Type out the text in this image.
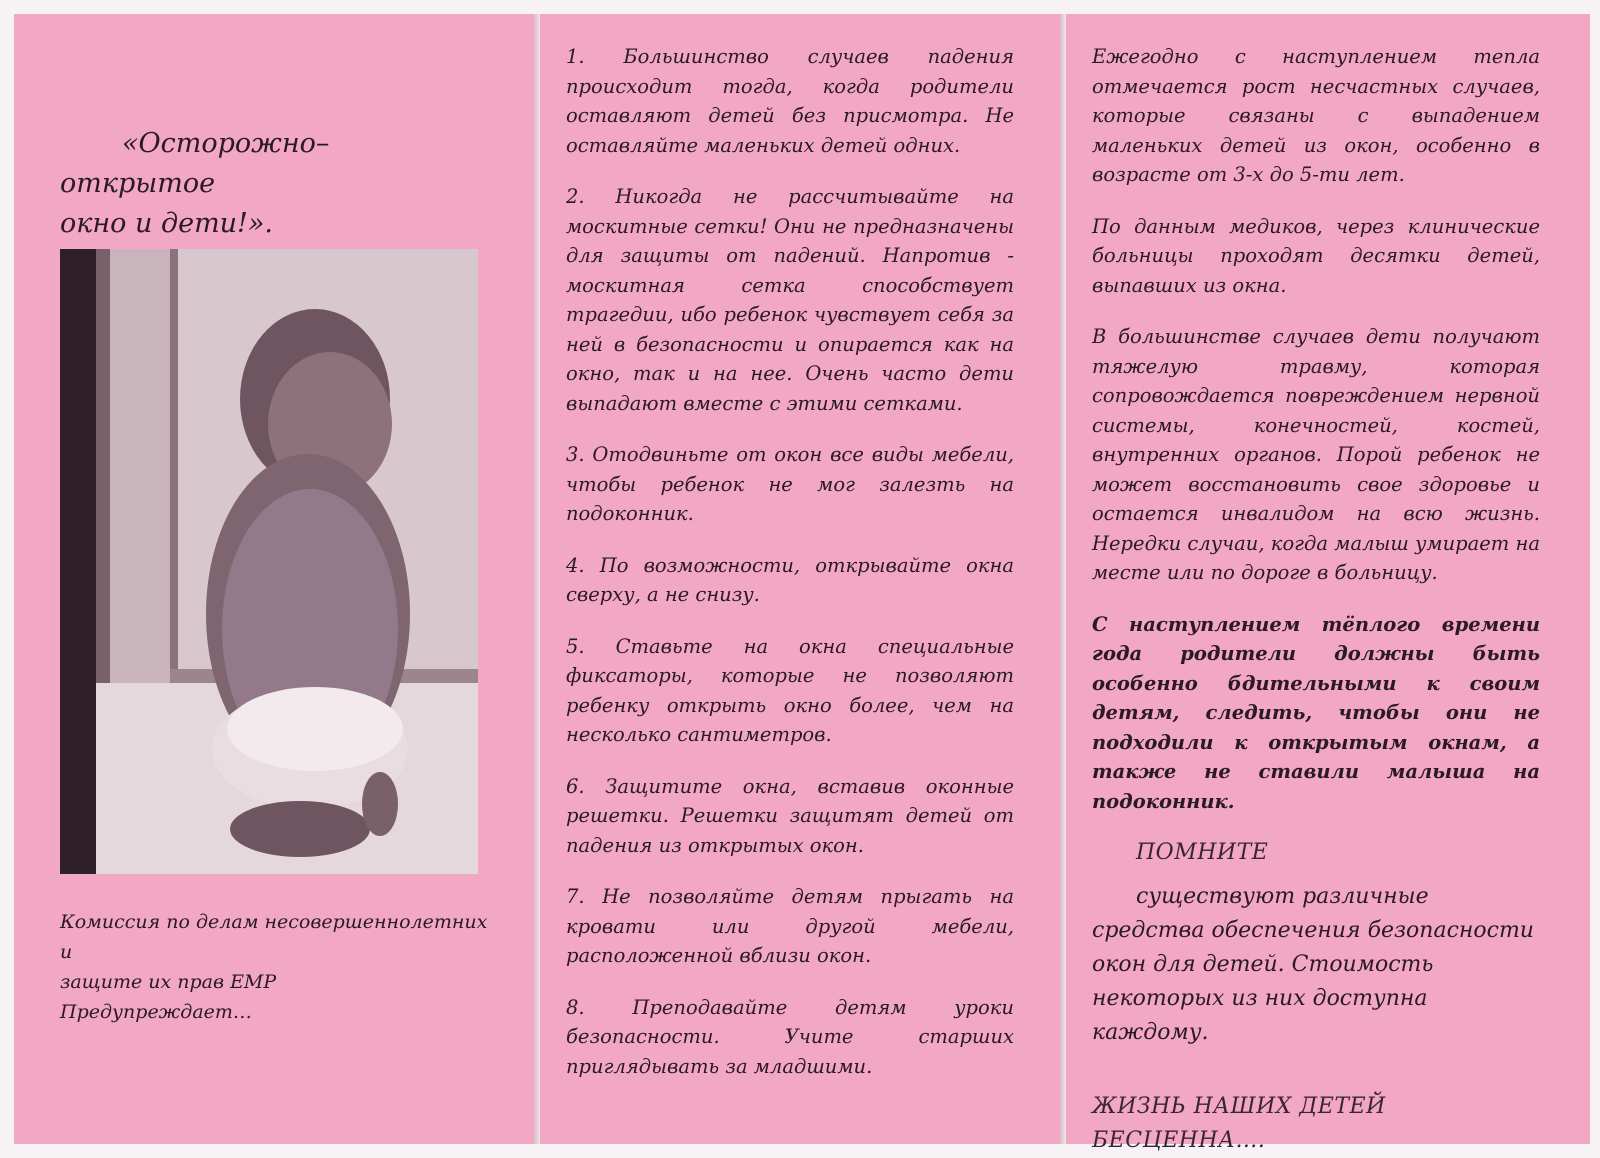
«Осторожно– открытое
окно и дети!».
Комиссия по делам несовершеннолетних и
защите их прав ЕМР
Предупреждает…

1. Большинство случаев падения происходит тогда, когда родители оставляют детей без присмотра. Не оставляйте маленьких детей одних.

2. Никогда не рассчитывайте на москитные сетки! Они не предназначены для защиты от падений. Напротив - москитная сетка способствует трагедии, ибо ребенок чувствует себя за ней в безопасности и опирается как на окно, так и на нее. Очень часто дети выпадают вместе с этими сетками.

3. Отодвиньте от окон все виды мебели, чтобы ребенок не мог залезть на подоконник.

4. По возможности, открывайте окна сверху, а не снизу.

5. Ставьте на окна специальные фиксаторы, которые не позволяют ребенку открыть окно более, чем на несколько сантиметров.

6. Защитите окна, вставив оконные решетки. Решетки защитят детей от падения из открытых окон.

7. Не позволяйте детям прыгать на кровати или другой мебели, расположенной вблизи окон.

8. Преподавайте детям уроки безопасности. Учите старших приглядывать за младшими.

Ежегодно с наступлением тепла отмечается рост несчастных случаев, которые связаны с выпадением маленьких детей из окон, особенно в возрасте от 3-х до 5-ти лет.

По данным медиков, через клинические больницы проходят десятки детей, выпавших из окна.

В большинстве случаев дети получают тяжелую травму, которая сопровождается повреждением нервной системы, конечностей, костей, внутренних органов. Порой ребенок не может восстановить свое здоровье и остается инвалидом на всю жизнь. Нередки случаи, когда малыш умирает на месте или по дороге в больницу.

С наступлением тёплого времени года родители должны быть особенно бдительными к своим детям, следить, чтобы они не подходили к открытым окнам, а также не ставили малыша на подоконник.

ПОМНИТЕ

существуют различные средства обеспечения безопасности окон для детей. Стоимость некоторых из них доступна каждому.

ЖИЗНЬ НАШИХ ДЕТЕЙ
БЕСЦЕННА….
